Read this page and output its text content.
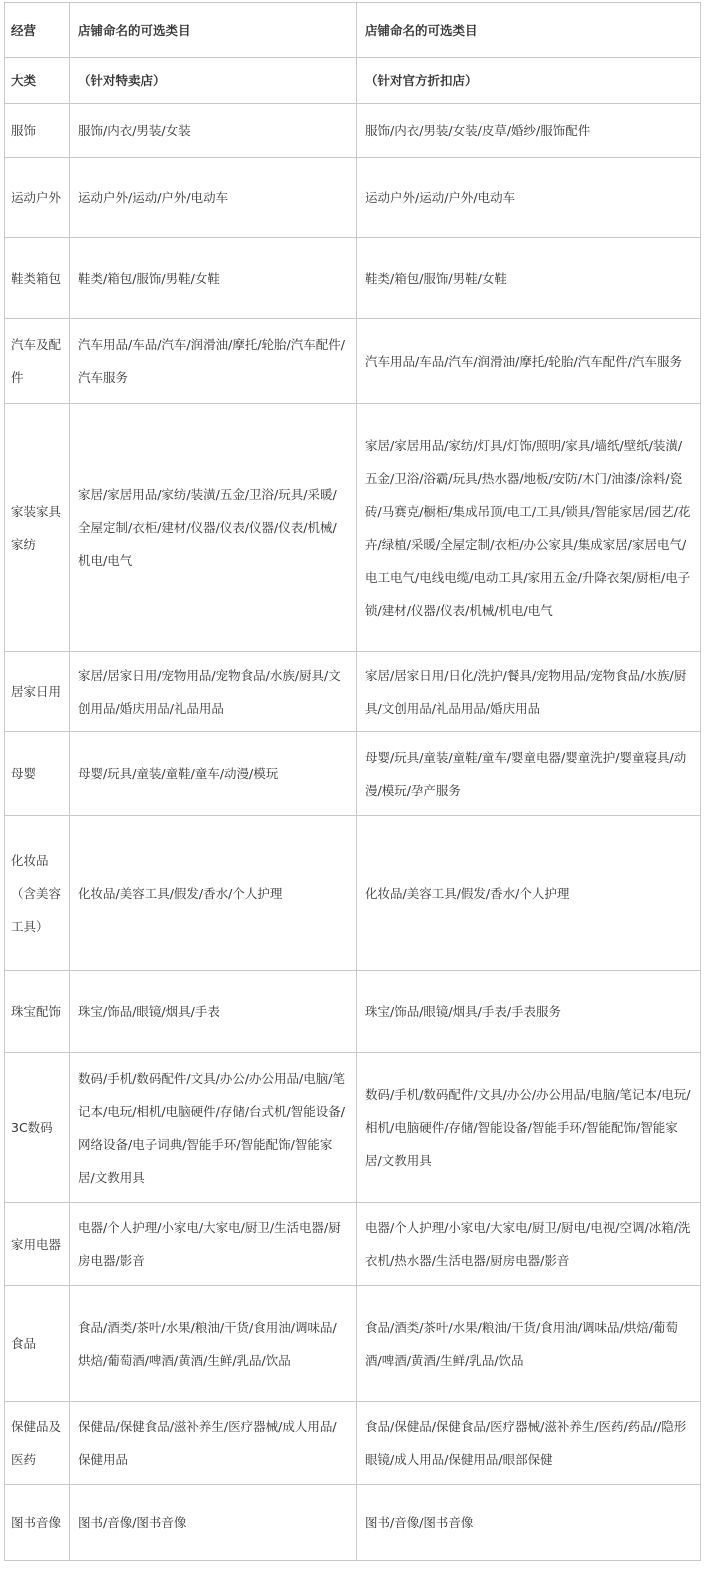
经营	店铺命名的可选类目	店铺命名的可选类目
大类	（针对特卖店）	（针对官方折扣店）
服饰	服饰/内衣/男装/女装	服饰/内衣/男装/女装/皮草/婚纱/服饰配件
运动户外	运动户外/运动/户外/电动车	运动户外/运动/户外/电动车
鞋类箱包	鞋类/箱包/服饰/男鞋/女鞋	鞋类/箱包/服饰/男鞋/女鞋
汽车及配件	汽车用品/车品/汽车/润滑油/摩托/轮胎/汽车配件/汽车服务	汽车用品/车品/汽车/润滑油/摩托/轮胎/汽车配件/汽车服务
家装家具家纺	家居/家居用品/家纺/装潢/五金/卫浴/玩具/采暖/全屋定制/衣柜/建材/仪器/仪表/仪器/仪表/机械/机电/电气	家居/家居用品/家纺/灯具/灯饰/照明/家具/墙纸/壁纸/装潢/五金/卫浴/浴霸/玩具/热水器/地板/安防/木门/油漆/涂料/瓷砖/马赛克/橱柜/集成吊顶/电工/工具/锁具/智能家居/园艺/花卉/绿植/采暖/全屋定制/衣柜/办公家具/集成家居/家居电气/电工电气/电线电缆/电动工具/家用五金/升降衣架/厨柜/电子锁/建材/仪器/仪表/机械/机电/电气
居家日用	家居/居家日用/宠物用品/宠物食品/水族/厨具/文创用品/婚庆用品/礼品用品	家居/居家日用/日化/洗护/餐具/宠物用品/宠物食品/水族/厨具/文创用品/礼品用品/婚庆用品
母婴	母婴/玩具/童装/童鞋/童车/动漫/模玩	母婴/玩具/童装/童鞋/童车/婴童电器/婴童洗护/婴童寝具/动漫/模玩/孕产服务
化妆品（含美容工具）	化妆品/美容工具/假发/香水/个人护理	化妆品/美容工具/假发/香水/个人护理
珠宝配饰	珠宝/饰品/眼镜/烟具/手表	珠宝/饰品/眼镜/烟具/手表/手表服务
3C数码	数码/手机/数码配件/文具/办公/办公用品/电脑/笔记本/电玩/相机/电脑硬件/存储/台式机/智能设备/网络设备/电子词典/智能手环/智能配饰/智能家居/文教用具	数码/手机/数码配件/文具/办公/办公用品/电脑/笔记本/电玩/相机/电脑硬件/存储/智能设备/智能手环/智能配饰/智能家居/文教用具
家用电器	电器/个人护理/小家电/大家电/厨卫/生活电器/厨房电器/影音	电器/个人护理/小家电/大家电/厨卫/厨电/电视/空调/冰箱/洗衣机/热水器/生活电器/厨房电器/影音
食品	食品/酒类/茶叶/水果/粮油/干货/食用油/调味品/烘焙/葡萄酒/啤酒/黄酒/生鲜/乳品/饮品	食品/酒类/茶叶/水果/粮油/干货/食用油/调味品/烘焙/葡萄酒/啤酒/黄酒/生鲜/乳品/饮品
保健品及医药	保健品/保健食品/滋补养生/医疗器械/成人用品/保健用品	食品/保健品/保健食品/医疗器械/滋补养生/医药/药品//隐形眼镜/成人用品/保健用品/眼部保健
图书音像	图书/音像/图书音像	图书/音像/图书音像
